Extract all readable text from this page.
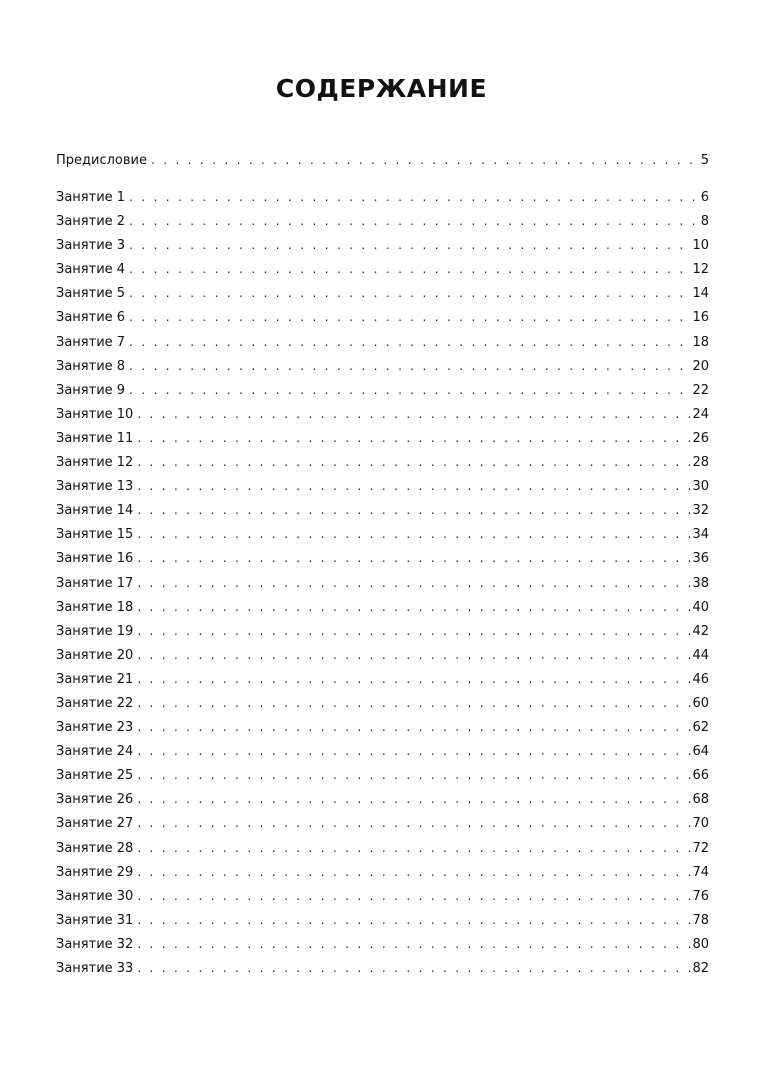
СОДЕРЖАНИЕ
Предисловие . . .	5
Занятие 1 . . .	6
Занятие 2 . . .	8
Занятие 3 . . .	10
Занятие 4 . . .	12
Занятие 5 . . .	14
Занятие 6 . . .	16
Занятие 7 . . .	18
Занятие 8 . . .	20
Занятие 9 . . .	22
Занятие 10 . . .	24
Занятие 11 . . .	26
Занятие 12 . . .	28
Занятие 13 . . .	30
Занятие 14 . . .	32
Занятие 15 . . .	34
Занятие 16 . . .	36
Занятие 17 . . .	38
Занятие 18 . . .	40
Занятие 19 . . .	42
Занятие 20 . . .	44
Занятие 21 . . .	46
Занятие 22 . . .	60
Занятие 23 . . .	62
Занятие 24 . . .	64
Занятие 25 . . .	66
Занятие 26 . . .	68
Занятие 27 . . .	70
Занятие 28 . . .	72
Занятие 29 . . .	74
Занятие 30 . . .	76
Занятие 31 . . .	78
Занятие 32 . . .	80
Занятие 33 . . .	82
